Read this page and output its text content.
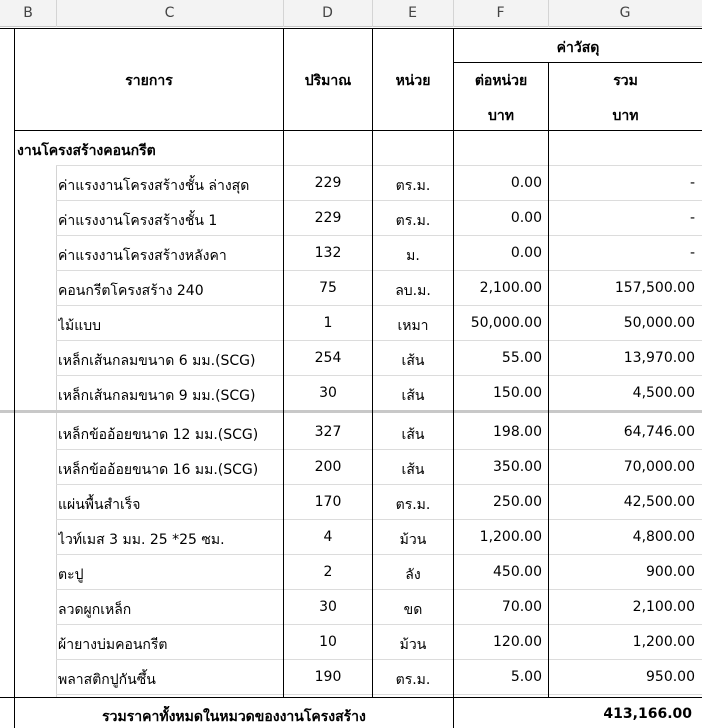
B	C	D	E	F	G
รายการ	ปริมาณ	หน่วย
ค่าวัสดุ
ต่อหน่วย	รวม
บาท	บาท
งานโครงสร้างคอนกรีต
ค่าแรงงานโครงสร้างชั้น ล่างสุด	229	ตร.ม.	0.00	-
ค่าแรงงานโครงสร้างชั้น 1	229	ตร.ม.	0.00	-
ค่าแรงงานโครงสร้างหลังคา	132	ม.	0.00	-
คอนกรีตโครงสร้าง 240	75	ลบ.ม.	2,100.00	157,500.00
ไม้แบบ	1	เหมา	50,000.00	50,000.00
เหล็กเส้นกลมขนาด 6 มม.(SCG)	254	เส้น	55.00	13,970.00
เหล็กเส้นกลมขนาด 9 มม.(SCG)	30	เส้น	150.00	4,500.00
เหล็กข้ออ้อยขนาด 12 มม.(SCG)	327	เส้น	198.00	64,746.00
เหล็กข้ออ้อยขนาด 16 มม.(SCG)	200	เส้น	350.00	70,000.00
แผ่นพื้นสำเร็จ	170	ตร.ม.	250.00	42,500.00
ไวท์เมส 3 มม. 25 *25 ซม.	4	ม้วน	1,200.00	4,800.00
ตะปู	2	ลัง	450.00	900.00
ลวดผูกเหล็ก	30	ขด	70.00	2,100.00
ผ้ายางบ่มคอนกรีต	10	ม้วน	120.00	1,200.00
พลาสติกปูกันซึ้น	190	ตร.ม.	5.00	950.00
รวมราคาทั้งหมดในหมวดของงานโครงสร้าง	413,166.00
